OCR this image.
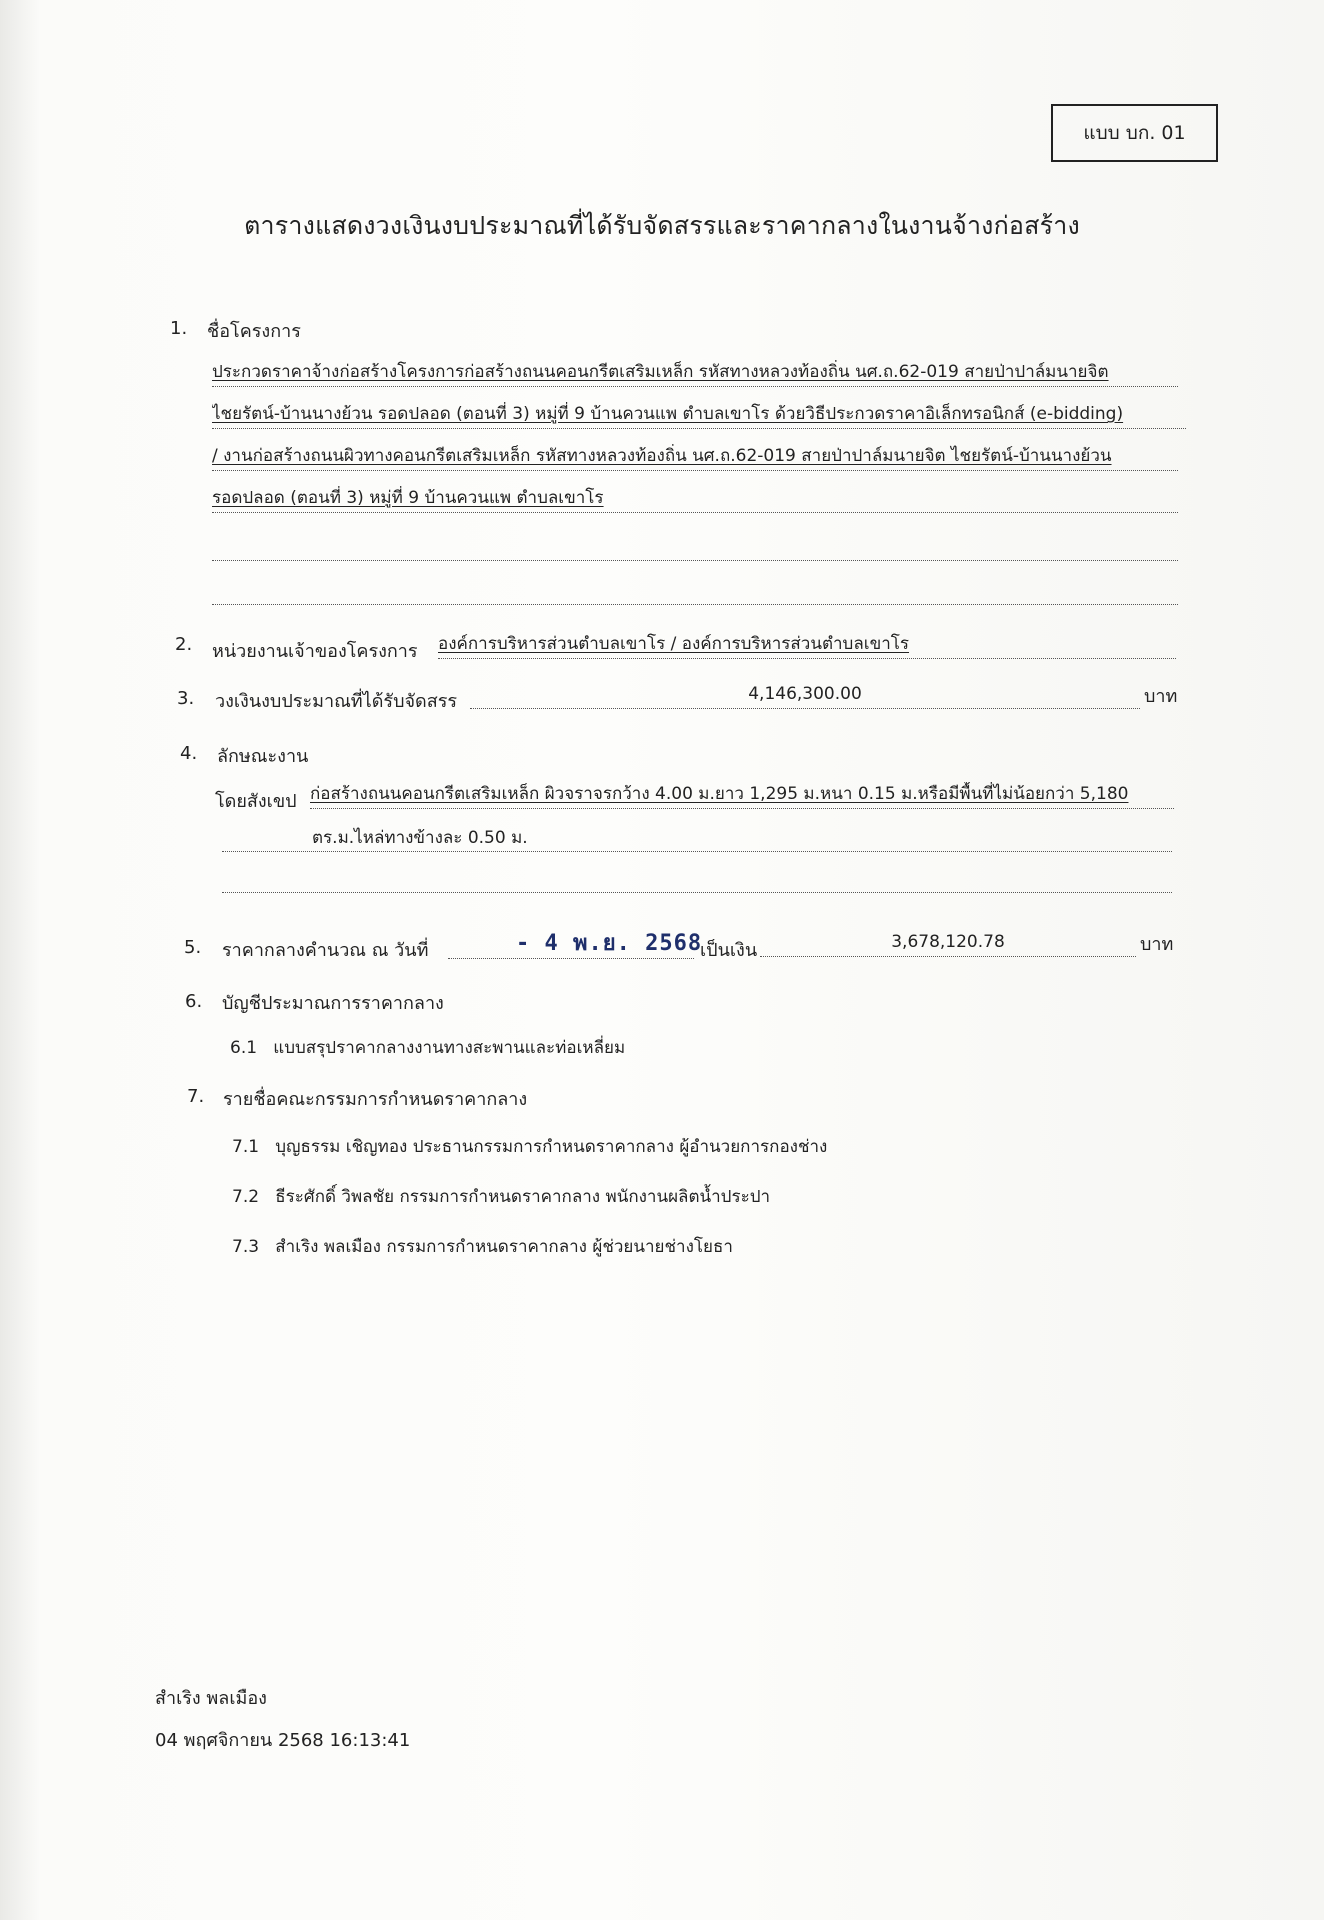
แบบ บก. 01
ตารางแสดงวงเงินงบประมาณที่ได้รับจัดสรรและราคากลางในงานจ้างก่อสร้าง
1. ชื่อโครงการ
ประกวดราคาจ้างก่อสร้างโครงการก่อสร้างถนนคอนกรีตเสริมเหล็ก รหัสทางหลวงท้องถิ่น นศ.ถ.62-019 สายป่าปาล์มนายจิต
ไชยรัตน์-บ้านนางย้วน รอดปลอด (ตอนที่ 3) หมู่ที่ 9 บ้านควนแพ ตำบลเขาโร ด้วยวิธีประกวดราคาอิเล็กทรอนิกส์ (e-bidding)
/ งานก่อสร้างถนนผิวทางคอนกรีตเสริมเหล็ก รหัสทางหลวงท้องถิ่น นศ.ถ.62-019 สายป่าปาล์มนายจิต ไชยรัตน์-บ้านนางย้วน
รอดปลอด (ตอนที่ 3) หมู่ที่ 9 บ้านควนแพ ตำบลเขาโร
2. หน่วยงานเจ้าของโครงการ องค์การบริหารส่วนตำบลเขาโร / องค์การบริหารส่วนตำบลเขาโร
3. วงเงินงบประมาณที่ได้รับจัดสรร	4,146,300.00	บาท
4. ลักษณะงาน
โดยสังเขป ก่อสร้างถนนคอนกรีตเสริมเหล็ก ผิวจราจรกว้าง 4.00 ม.ยาว 1,295 ม.หนา 0.15 ม.หรือมีพื้นที่ไม่น้อยกว่า 5,180
ตร.ม.ไหล่ทางข้างละ 0.50 ม.
5. ราคากลางคำนวณ ณ วันที่	- 4 พ.ย. 2568
เป็นเงิน	3,678,120.78	บาท
6. บัญชีประมาณการราคากลาง
6.1 แบบสรุปราคากลางงานทางสะพานและท่อเหลี่ยม
7. รายชื่อคณะกรรมการกำหนดราคากลาง
7.1 บุญธรรม เชิญทอง ประธานกรรมการกำหนดราคากลาง ผู้อำนวยการกองช่าง
7.2 ธีระศักดิ์ วิพลชัย กรรมการกำหนดราคากลาง พนักงานผลิตน้ำประปา
7.3 สำเริง พลเมือง กรรมการกำหนดราคากลาง ผู้ช่วยนายช่างโยธา
สำเริง พลเมือง
04 พฤศจิกายน 2568 16:13:41
